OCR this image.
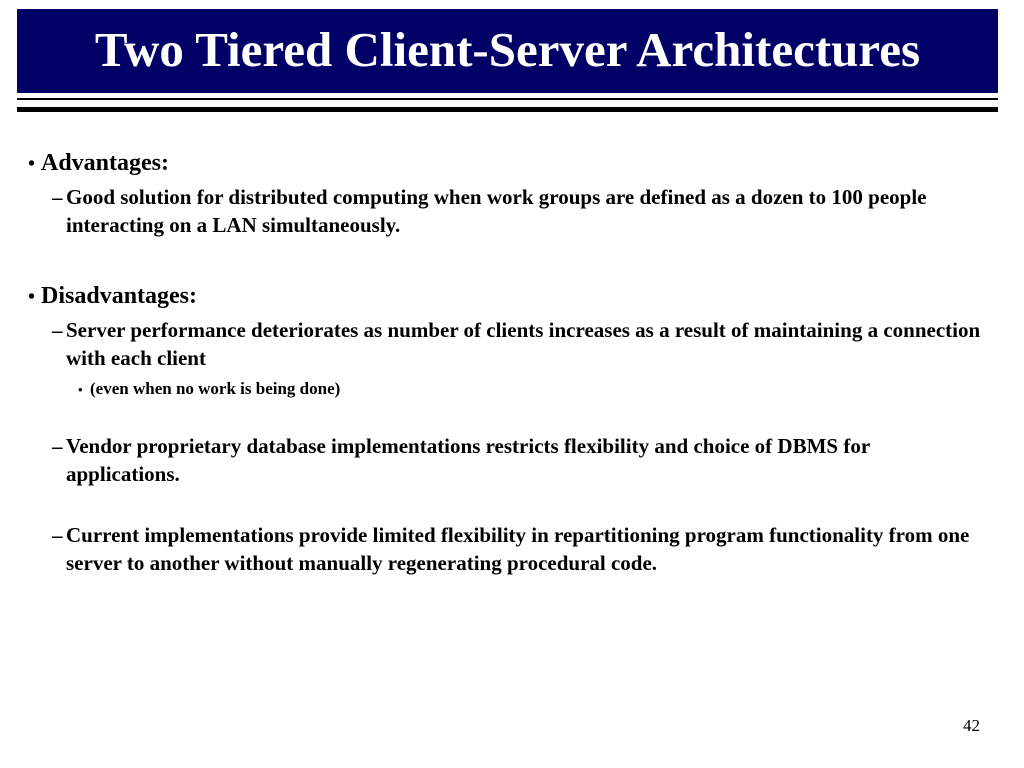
Two Tiered Client-Server Architectures
• Advantages:
– Good solution for distributed computing when work groups are defined as a dozen to 100 people interacting on a LAN simultaneously.
• Disadvantages:
– Server performance deteriorates as number of clients increases as a result of maintaining a connection with each client
• (even when no work is being done)
– Vendor proprietary database implementations restricts flexibility and choice of DBMS for applications.
– Current implementations provide limited flexibility in repartitioning program functionality from one server to another without manually regenerating procedural code.
42
